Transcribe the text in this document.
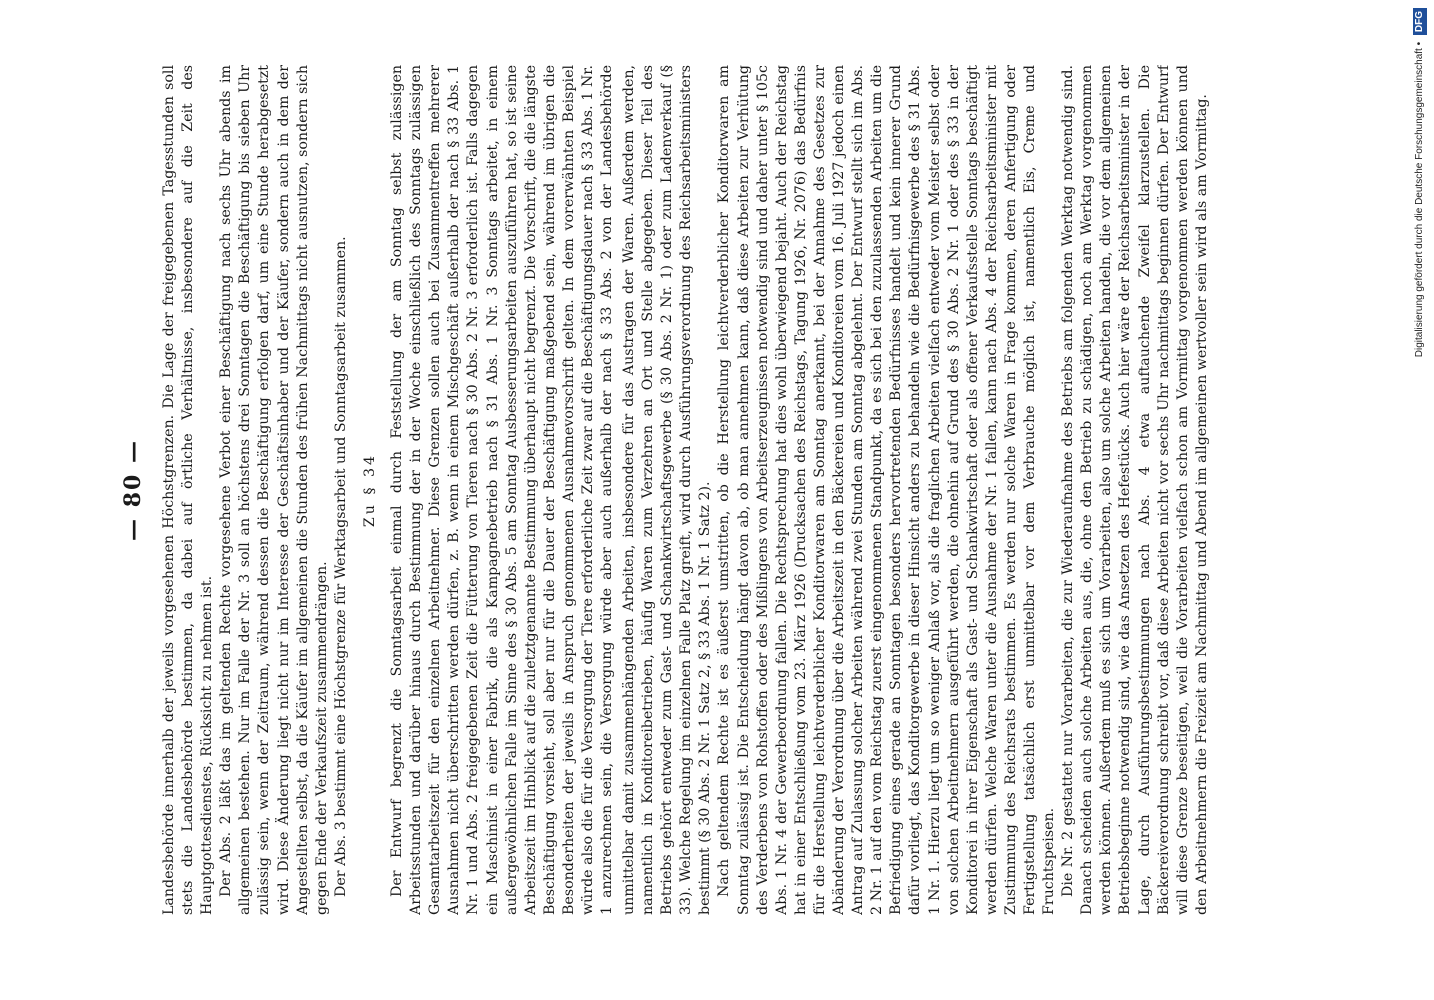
— 80 — Landesbehörde innerhalb der jeweils vorgesehenen Höchstgrenzen. Die Lage der freigegebenen Tagesstunden soll stets die Landesbehörde bestimmen, da dabei auf örtliche Verhältnisse, insbesondere auf die Zeit des Hauptgottesdienstes, Rücksicht zu nehmen ist. Der Abs. 2 läßt das im geltenden Rechte vorgesehene Verbot einer Beschäftigung nach sechs Uhr abends im allgemeinen bestehen. Nur im Falle der Nr. 3 soll an höchstens drei Sonntagen die Beschäftigung bis sieben Uhr zulässig sein, wenn der Zeitraum, während dessen die Beschäftigung erfolgen darf, um eine Stunde herabgesetzt wird. Diese Änderung liegt nicht nur im Interesse der Geschäftsinhaber und der Käufer, sondern auch in dem der Angestellten selbst, da die Käufer im allgemeinen die Stunden des frühen Nachmittags nicht ausnutzen, sondern sich gegen Ende der Verkaufszeit zusammendrängen. Der Abs. 3 bestimmt eine Höchstgrenze für Werktagsarbeit und Sonntagsarbeit zusammen. Zu § 34

Der Entwurf begrenzt die Sonntagsarbeit einmal durch Feststellung der am Sonntag selbst zulässigen Arbeitsstunden und darüber hinaus durch Bestimmung der in der Woche einschließlich des Sonntags zulässigen Gesamtarbeitszeit für den einzelnen Arbeitnehmer. Diese Grenzen sollen auch bei Zusammentreffen mehrerer Ausnahmen nicht überschritten werden dürfen, z. B. wenn in einem Mischgeschäft außerhalb der nach § 33 Abs. 1 Nr. 1 und Abs. 2 freigegebenen Zeit die Fütterung von Tieren nach § 30 Abs. 2 Nr. 3 erforderlich ist. Falls dagegen ein Maschinist in einer Fabrik, die als Kampagnebetrieb nach § 31 Abs. 1 Nr. 3 Sonntags arbeitet, in einem außergewöhnlichen Falle im Sinne des § 30 Abs. 5 am Sonntag Ausbesserungsarbeiten auszuführen hat, so ist seine Arbeitszeit im Hinblick auf die zuletztgenannte Bestimmung überhaupt nicht begrenzt. Die Vorschrift, die die längste Beschäftigung vorsieht, soll aber nur für die Dauer der Beschäftigung maßgebend sein, während im übrigen die Besonderheiten der jeweils in Anspruch genommenen Ausnahmevorschrift gelten. In dem vorerwähnten Beispiel würde also die für die Versorgung der Tiere erforderliche Zeit zwar auf die Beschäftigungsdauer nach § 33 Abs. 1 Nr. 1 anzurechnen sein, die Versorgung würde aber auch außerhalb der nach § 33 Abs. 2 von der Landesbehörde unmittelbar damit zusammenhängenden Arbeiten, insbesondere für das Austragen der Waren. Außerdem werden, namentlich in Konditoreibetrieben, häufig Waren zum Verzehren an Ort und Stelle abgegeben. Dieser Teil des Betriebs gehört entweder zum Gast- und Schankwirtschaftsgewerbe (§ 30 Abs. 2 Nr. 1) oder zum Ladenverkauf (§ 33). Welche Regelung im einzelnen Falle Platz greift, wird durch Ausführungsverordnung des Reichsarbeitsministers bestimmt (§ 30 Abs. 2 Nr. 1 Satz 2, § 33 Abs. 1 Nr. 1 Satz 2). Nach geltendem Rechte ist es äußerst umstritten, ob die Herstellung leichtverderblicher Konditorwaren am Sonntag zulässig ist. Die Entscheidung hängt davon ab, ob man annehmen kann, daß diese Arbeiten zur Verhütung des Verderbens von Rohstoffen oder des Mißlingens von Arbeitserzeugnissen notwendig sind und daher unter § 105c Abs. 1 Nr. 4 der Gewerbeordnung fallen. Die Rechtsprechung hat dies wohl überwiegend bejaht. Auch der Reichstag hat in einer Entschließung vom 23. März 1926 (Drucksachen des Reichstags, Tagung 1926, Nr. 2076) das Bedürfnis für die Herstellung leichtverderblicher Konditorwaren am Sonntag anerkannt, bei der Annahme des Gesetzes zur Abänderung der Verordnung über die Arbeitszeit in den Bäckereien und Konditoreien vom 16. Juli 1927 jedoch einen Antrag auf Zulassung solcher Arbeiten während zwei Stunden am Sonntag abgelehnt. Der Entwurf stellt sich im Abs. 2 Nr. 1 auf den vom Reichstag zuerst eingenommenen Standpunkt, da es sich bei den zuzulassenden Arbeiten um die Befriedigung eines gerade an Sonntagen besonders hervortretenden Bedürfnisses handelt und kein innerer Grund dafür vorliegt, das Konditorgewerbe in dieser Hinsicht anders zu behandeln wie die Bedürfnisgewerbe des § 31 Abs. 1 Nr. 1. Hierzu liegt um so weniger Anlaß vor, als die fraglichen Arbeiten vielfach entweder vom Meister selbst oder von solchen Arbeitnehmern ausgeführt werden, die ohnehin auf Grund des § 30 Abs. 2 Nr. 1 oder des § 33 in der Konditorei in ihrer Eigenschaft als Gast- und Schankwirtschaft oder als offener Verkaufsstelle Sonntags beschäftigt werden dürfen. Welche Waren unter die Ausnahme der Nr. 1 fallen, kann nach Abs. 4 der Reichsarbeitsminister mit Zustimmung des Reichsrats bestimmen. Es werden nur solche Waren in Frage kommen, deren Anfertigung oder Fertigstellung tatsächlich erst unmittelbar vor dem Verbrauche möglich ist, namentlich Eis, Creme und Fruchtspeisen. Die Nr. 2 gestattet nur Vorarbeiten, die zur Wiederaufnahme des Betriebs am folgenden Werktag notwendig sind. Danach scheiden auch solche Arbeiten aus, die, ohne den Betrieb zu schädigen, noch am Werktag vorgenommen werden können. Außerdem muß es sich um Vorarbeiten, also um solche Arbeiten handeln, die vor dem allgemeinen Betriebsbeginne notwendig sind, wie das Ansetzen des Hefestücks. Auch hier wäre der Reichsarbeitsminister in der Lage, durch Ausführungsbestimmungen nach Abs. 4 etwa auftauchende Zweifel klarzustellen. Die Bäckereiverordnung schreibt vor, daß diese Arbeiten nicht vor sechs Uhr nachmittags beginnen dürfen. Der Entwurf will diese Grenze beseitigen, weil die Vorarbeiten vielfach schon am Vormittag vorgenommen werden können und den Arbeitnehmern die Freizeit am Nachmittag und Abend im allgemeinen wertvoller sein wird als am Vormittag.	Digitalisierung gefördert durch die Deutsche Forschungsgemeinschaft • DFG
